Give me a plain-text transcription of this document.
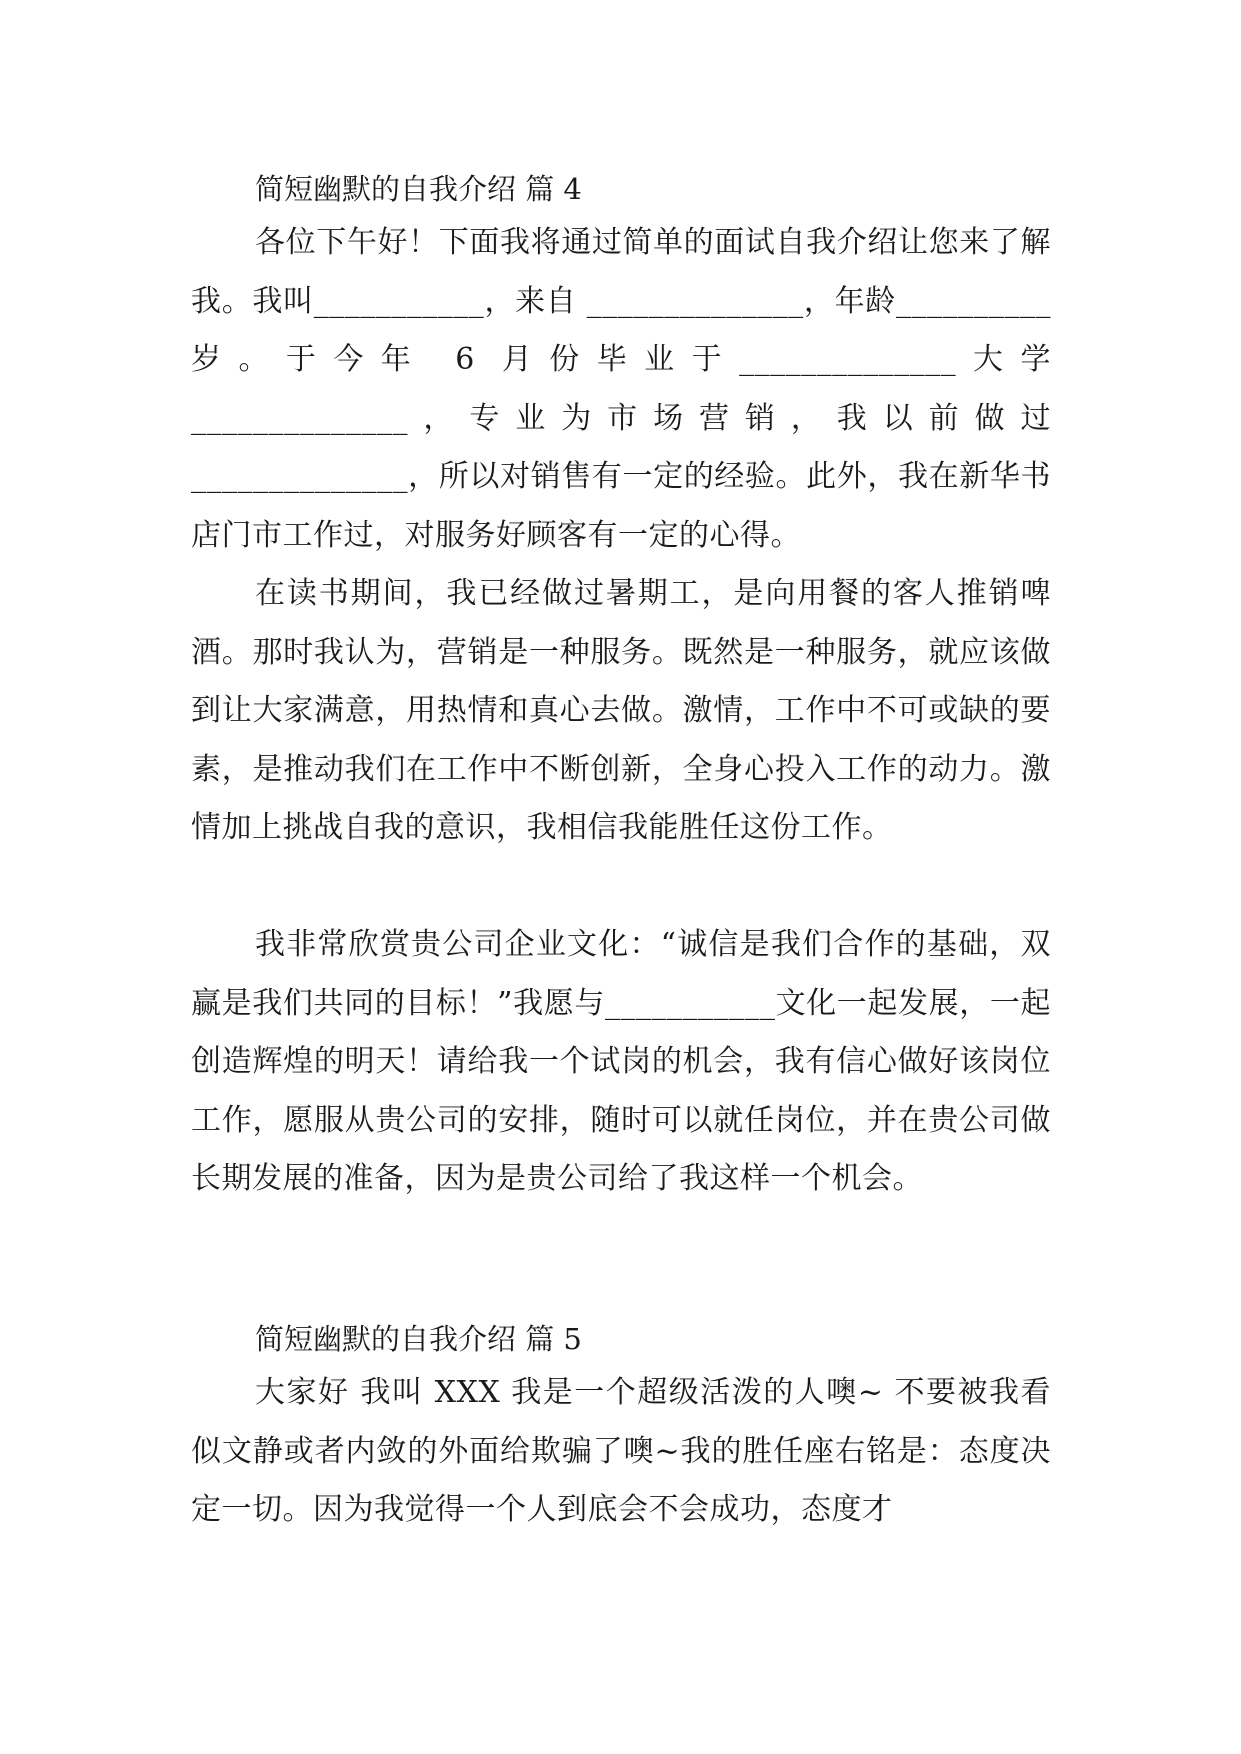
简短幽默的自我介绍 篇 4

各位下午好！下面我将通过简单的面试自我介绍让您来了解我。我叫___________，来自 ______________，年龄__________岁。于今年 6 月份毕业于______________大学______________，专业为市场营销，我以前做过______________，所以对销售有一定的经验。此外，我在新华书店门市工作过，对服务好顾客有一定的心得。

在读书期间，我已经做过暑期工，是向用餐的客人推销啤酒。那时我认为，营销是一种服务。既然是一种服务，就应该做到让大家满意，用热情和真心去做。激情，工作中不可或缺的要素，是推动我们在工作中不断创新，全身心投入工作的动力。激情加上挑战自我的意识，我相信我能胜任这份工作。

我非常欣赏贵公司企业文化：“诚信是我们合作的基础，双赢是我们共同的目标！”我愿与___________文化一起发展，一起创造辉煌的明天！请给我一个试岗的机会，我有信心做好该岗位工作，愿服从贵公司的安排，随时可以就任岗位，并在贵公司做长期发展的准备，因为是贵公司给了我这样一个机会。

简短幽默的自我介绍 篇 5

大家好 我叫 XXX 我是一个超级活泼的人噢~ 不要被我看似文静或者内敛的外面给欺骗了噢~我的胜任座右铭是：态度决定一切。因为我觉得一个人到底会不会成功，态度才
